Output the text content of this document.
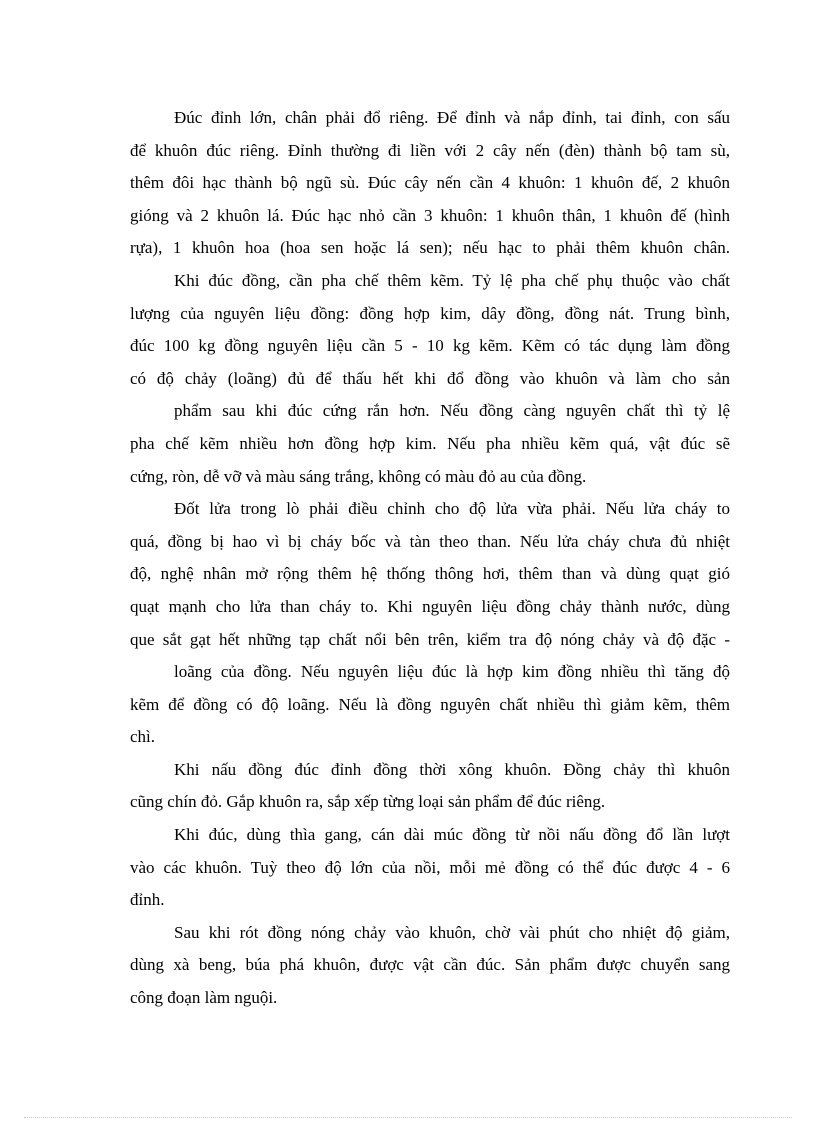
Đúc đỉnh lớn, chân phải đổ riêng. Để đỉnh và nắp đỉnh, tai đỉnh, con sấu
để khuôn đúc riêng. Đỉnh thường đi liền với 2 cây nến (đèn) thành bộ tam sù,
thêm đôi hạc thành bộ ngũ sù. Đúc cây nến cần 4 khuôn: 1 khuôn đế, 2 khuôn
gióng và 2 khuôn lá. Đúc hạc nhỏ cần 3 khuôn: 1 khuôn thân, 1 khuôn đế (hình
rựa), 1 khuôn hoa (hoa sen hoặc lá sen); nếu hạc to phải thêm khuôn chân.
Khi đúc đồng, cần pha chế thêm kẽm. Tỷ lệ pha chế phụ thuộc vào chất
lượng của nguyên liệu đồng: đồng hợp kim, dây đồng, đồng nát. Trung bình,
đúc 100 kg đồng nguyên liệu cần 5 - 10 kg kẽm. Kẽm có tác dụng làm đồng
có độ chảy (loãng) đủ để thấu hết khi đổ đồng vào khuôn và làm cho sản
phẩm sau khi đúc cứng rắn hơn. Nếu đồng càng nguyên chất thì tỷ lệ
pha chế kẽm nhiều hơn đồng hợp kim. Nếu pha nhiều kẽm quá, vật đúc sẽ
cứng, ròn, dễ vỡ và màu sáng trắng, không có màu đỏ au của đồng.
Đốt lửa trong lò phải điều chỉnh cho độ lửa vừa phải. Nếu lửa cháy to
quá, đồng bị hao vì bị cháy bốc và tàn theo than. Nếu lửa cháy chưa đủ nhiệt
độ, nghệ nhân mở rộng thêm hệ thống thông hơi, thêm than và dùng quạt gió
quạt mạnh cho lửa than cháy to. Khi nguyên liệu đồng chảy thành nước, dùng
que sắt gạt hết những tạp chất nổi bên trên, kiểm tra độ nóng chảy và độ đặc -
loãng của đồng. Nếu nguyên liệu đúc là hợp kim đồng nhiều thì tăng độ
kẽm để đồng có độ loãng. Nếu là đồng nguyên chất nhiều thì giảm kẽm, thêm
chì.
Khi nấu đồng đúc đỉnh đồng thời xông khuôn. Đồng chảy thì khuôn
cũng chín đỏ. Gắp khuôn ra, sắp xếp từng loại sản phẩm để đúc riêng.
Khi đúc, dùng thìa gang, cán dài múc đồng từ nồi nấu đồng đổ lần lượt
vào các khuôn. Tuỳ theo độ lớn của nồi, mỗi mẻ đồng có thể đúc được 4 - 6
đỉnh.
Sau khi rót đồng nóng chảy vào khuôn, chờ vài phút cho nhiệt độ giảm,
dùng xà beng, búa phá khuôn, được vật cần đúc. Sản phẩm được chuyển sang
công đoạn làm nguội.
